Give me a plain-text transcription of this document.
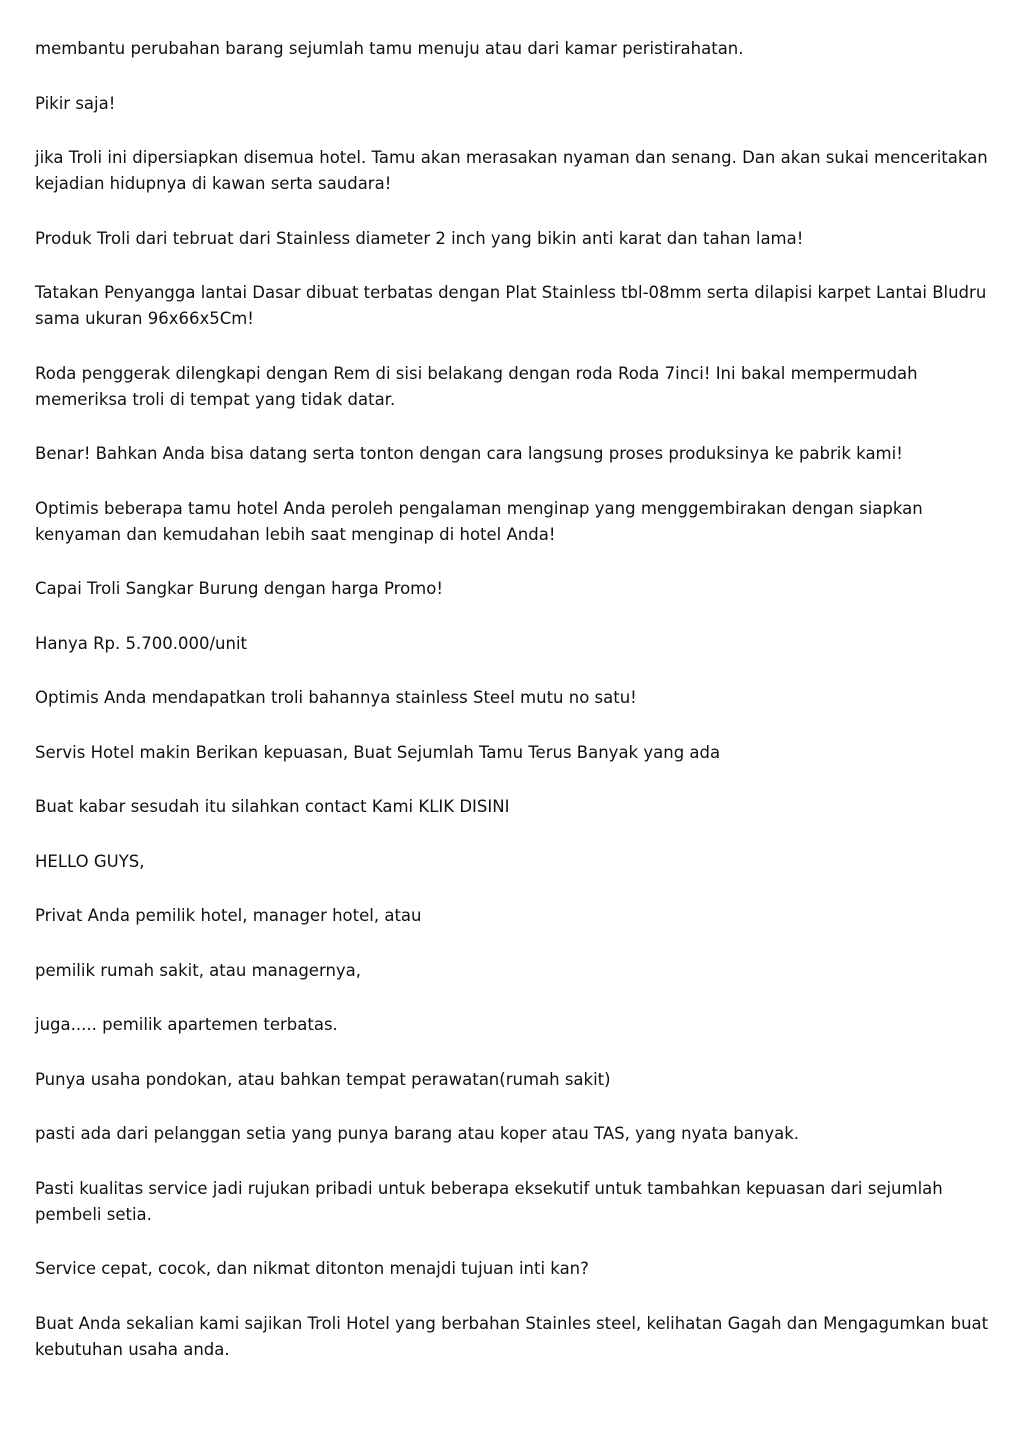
membantu perubahan barang sejumlah tamu menuju atau dari kamar peristirahatan.

Pikir saja!

jika Troli ini dipersiapkan disemua hotel. Tamu akan merasakan nyaman dan senang. Dan akan sukai menceritakan kejadian hidupnya di kawan serta saudara!

Produk Troli dari tebruat dari Stainless diameter 2 inch yang bikin anti karat dan tahan lama!

Tatakan Penyangga lantai Dasar dibuat terbatas dengan Plat Stainless tbl-08mm serta dilapisi karpet Lantai Bludru sama ukuran 96x66x5Cm!

Roda penggerak dilengkapi dengan Rem di sisi belakang dengan roda Roda 7inci! Ini bakal mempermudah memeriksa troli di tempat yang tidak datar.

Benar! Bahkan Anda bisa datang serta tonton dengan cara langsung proses produksinya ke pabrik kami!

Optimis beberapa tamu hotel Anda peroleh pengalaman menginap yang menggembirakan dengan siapkan kenyaman dan kemudahan lebih saat menginap di hotel Anda!

Capai Troli Sangkar Burung dengan harga Promo!

Hanya Rp. 5.700.000/unit

Optimis Anda mendapatkan troli bahannya stainless Steel mutu no satu!

Servis Hotel makin Berikan kepuasan, Buat Sejumlah Tamu Terus Banyak yang ada

Buat kabar sesudah itu silahkan contact Kami KLIK DISINI

HELLO GUYS,

Privat Anda pemilik hotel, manager hotel, atau

pemilik rumah sakit, atau managernya,

juga..... pemilik apartemen terbatas.

Punya usaha pondokan, atau bahkan tempat perawatan(rumah sakit)

pasti ada dari pelanggan setia yang punya barang atau koper atau TAS, yang nyata banyak.

Pasti kualitas service jadi rujukan pribadi untuk beberapa eksekutif untuk tambahkan kepuasan dari sejumlah pembeli setia.

Service cepat, cocok, dan nikmat ditonton menajdi tujuan inti kan?

Buat Anda sekalian kami sajikan Troli Hotel yang berbahan Stainles steel, kelihatan Gagah dan Mengagumkan buat kebutuhan usaha anda.
